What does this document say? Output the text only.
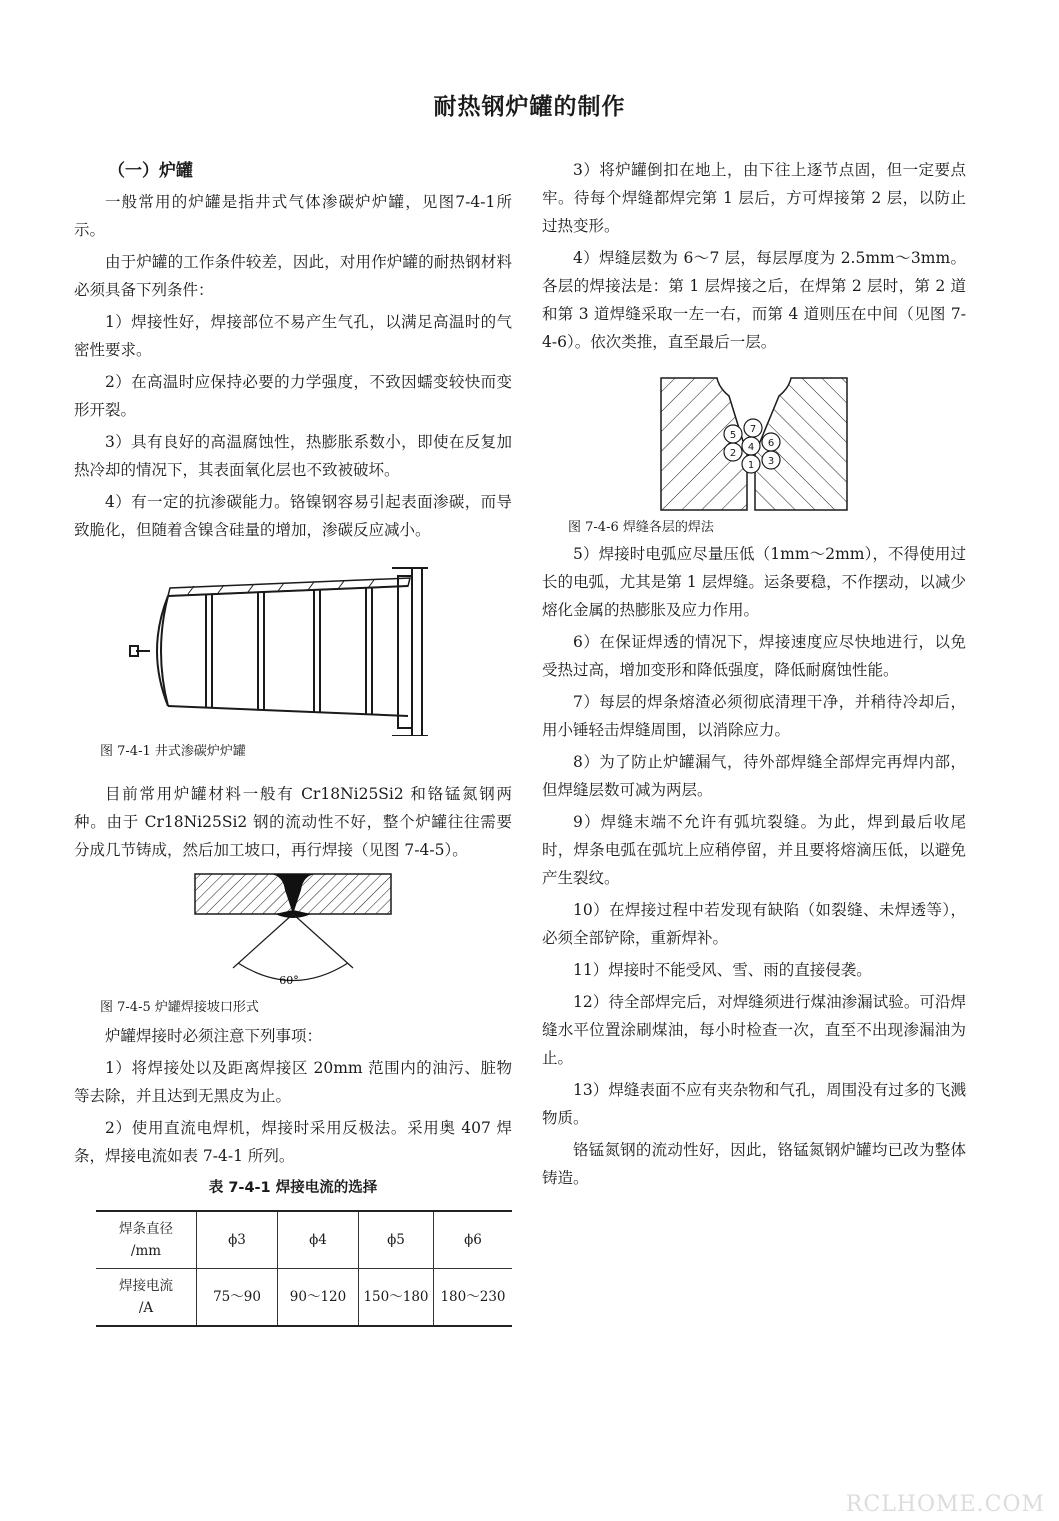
耐热钢炉罐的制作
（一）炉罐

一般常用的炉罐是指井式气体渗碳炉炉罐，见图7-4-1所示。

由于炉罐的工作条件较差，因此，对用作炉罐的耐热钢材料必须具备下列条件：

1）焊接性好，焊接部位不易产生气孔，以满足高温时的气密性要求。

2）在高温时应保持必要的力学强度，不致因蠕变较快而变形开裂。

3）具有良好的高温腐蚀性，热膨胀系数小，即使在反复加热冷却的情况下，其表面氧化层也不致被破坏。

4）有一定的抗渗碳能力。铬镍钢容易引起表面渗碳，而导致脆化，但随着含镍含硅量的增加，渗碳反应减小。

图 7-4-1 井式渗碳炉炉罐

目前常用炉罐材料一般有 Cr18Ni25Si2 和铬锰氮钢两种。由于 Cr18Ni25Si2 钢的流动性不好，整个炉罐往往需要分成几节铸成，然后加工坡口，再行焊接（见图 7-4-5）。

60°

图 7-4-5 炉罐焊接坡口形式

炉罐焊接时必须注意下列事项：

1）将焊接处以及距离焊接区 20mm 范围内的油污、脏物等去除，并且达到无黑皮为止。

2）使用直流电焊机，焊接时采用反极法。采用奥 407 焊条，焊接电流如表 7-4-1 所列。

表 7-4-1 焊接电流的选择
焊条直径
/mm	ϕ3	ϕ4	ϕ5	ϕ6
焊接电流
/A	75～90	90～120	150～180	180～230

3）将炉罐倒扣在地上，由下往上逐节点固，但一定要点牢。待每个焊缝都焊完第 1 层后，方可焊接第 2 层，以防止过热变形。

4）焊缝层数为 6～7 层，每层厚度为 2.5mm～3mm。各层的焊接法是：第 1 层焊接之后，在焊第 2 层时，第 2 道和第 3 道焊缝采取一左一右，而第 4 道则压在中间（见图 7-4-6）。依次类推，直至最后一层。

1
2
3
4
5
6
7

图 7-4-6 焊缝各层的焊法

5）焊接时电弧应尽量压低（1mm～2mm），不得使用过长的电弧，尤其是第 1 层焊缝。运条要稳，不作摆动，以减少熔化金属的热膨胀及应力作用。

6）在保证焊透的情况下，焊接速度应尽快地进行，以免受热过高，增加变形和降低强度，降低耐腐蚀性能。

7）每层的焊条熔渣必须彻底清理干净，并稍待冷却后，用小锤轻击焊缝周围，以消除应力。

8）为了防止炉罐漏气，待外部焊缝全部焊完再焊内部，但焊缝层数可减为两层。

9）焊缝末端不允许有弧坑裂缝。为此，焊到最后收尾时，焊条电弧在弧坑上应稍停留，并且要将熔滴压低，以避免产生裂纹。

10）在焊接过程中若发现有缺陷（如裂缝、未焊透等），必须全部铲除，重新焊补。

11）焊接时不能受风、雪、雨的直接侵袭。

12）待全部焊完后，对焊缝须进行煤油渗漏试验。可沿焊缝水平位置涂刷煤油，每小时检查一次，直至不出现渗漏油为止。

13）焊缝表面不应有夹杂物和气孔，周围没有过多的飞溅物质。

铬锰氮钢的流动性好，因此，铬锰氮钢炉罐均已改为整体铸造。

RCLHOME.COM
